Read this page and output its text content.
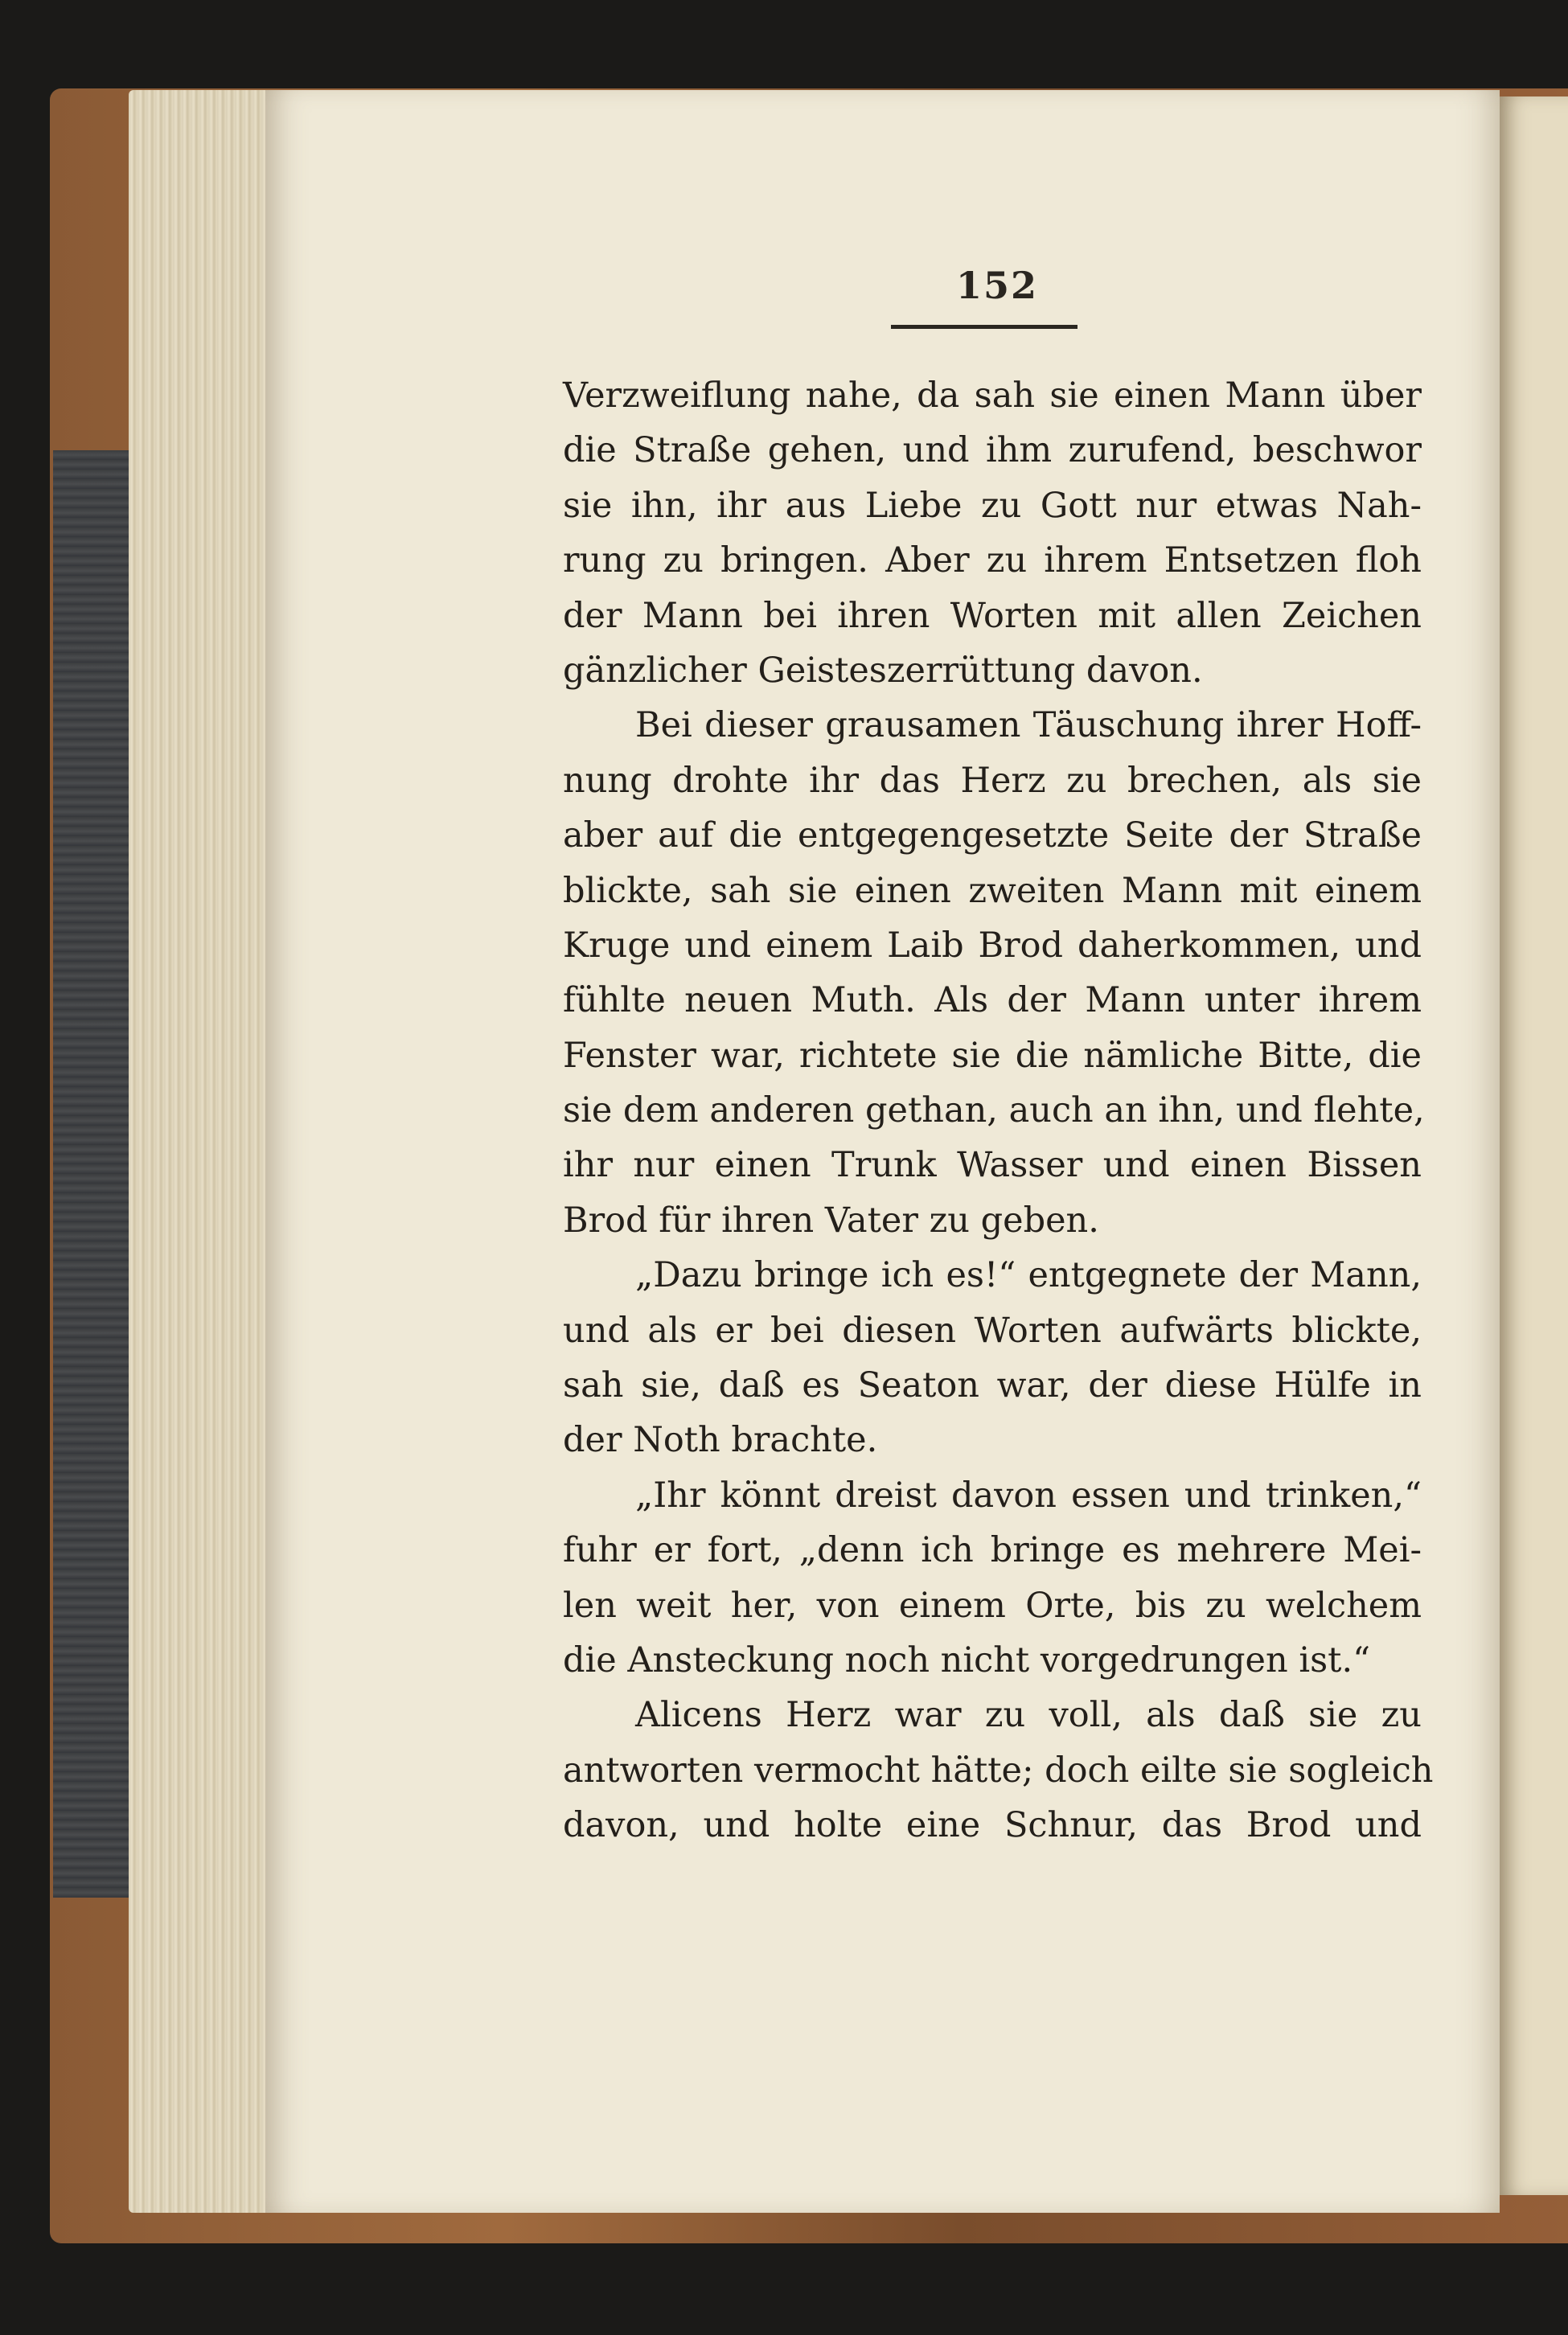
152
Verzweiflung nahe, da sah sie einen Mann über
die Straße gehen, und ihm zurufend, beschwor
sie ihn, ihr aus Liebe zu Gott nur etwas Nah-
rung zu bringen. Aber zu ihrem Entsetzen floh
der Mann bei ihren Worten mit allen Zeichen
gänzlicher Geisteszerrüttung davon.
Bei dieser grausamen Täuschung ihrer Hoff-
nung drohte ihr das Herz zu brechen, als sie
aber auf die entgegengesetzte Seite der Straße
blickte, sah sie einen zweiten Mann mit einem
Kruge und einem Laib Brod daherkommen, und
fühlte neuen Muth. Als der Mann unter ihrem
Fenster war, richtete sie die nämliche Bitte, die
sie dem anderen gethan, auch an ihn, und flehte,
ihr nur einen Trunk Wasser und einen Bissen
Brod für ihren Vater zu geben.
„Dazu bringe ich es!“ entgegnete der Mann,
und als er bei diesen Worten aufwärts blickte,
sah sie, daß es Seaton war, der diese Hülfe in
der Noth brachte.
„Ihr könnt dreist davon essen und trinken,“
fuhr er fort, „denn ich bringe es mehrere Mei-
len weit her, von einem Orte, bis zu welchem
die Ansteckung noch nicht vorgedrungen ist.“
Alicens Herz war zu voll, als daß sie zu
antworten vermocht hätte; doch eilte sie sogleich
davon, und holte eine Schnur, das Brod und
